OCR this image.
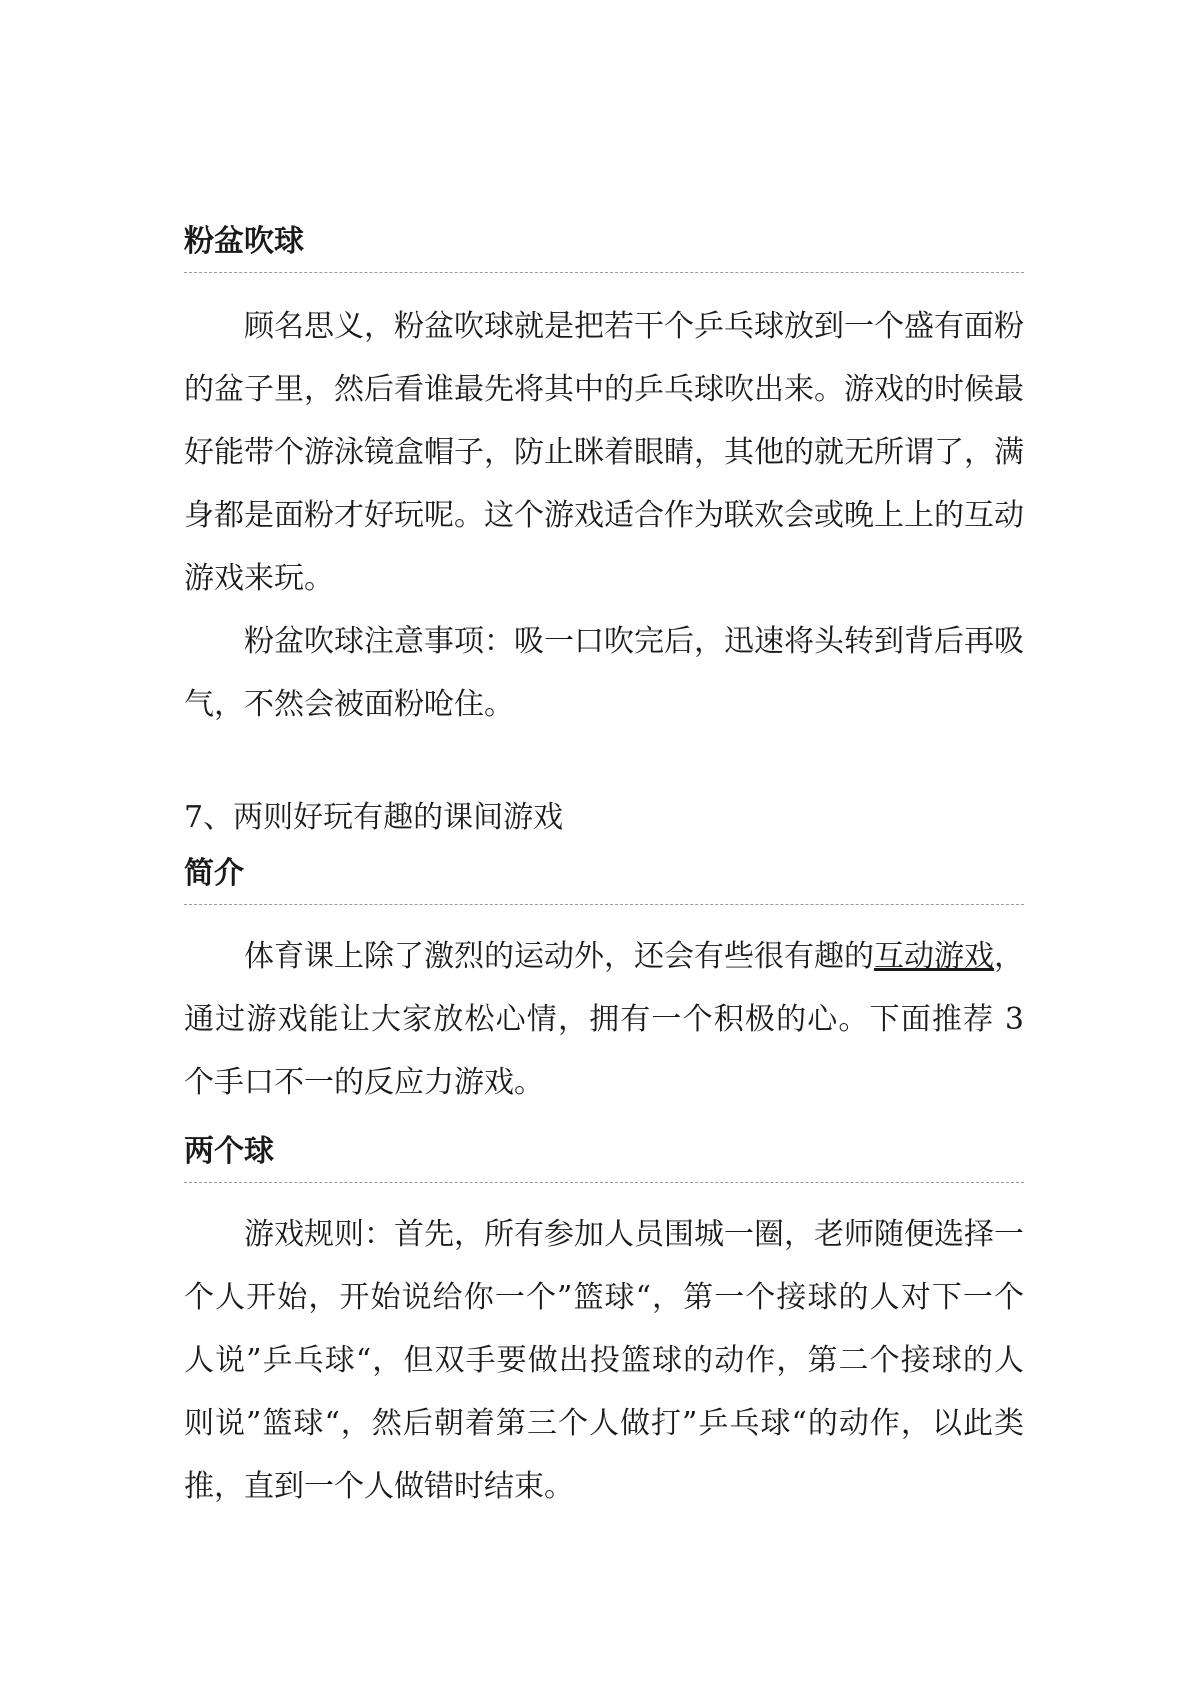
粉盆吹球

顾名思义，粉盆吹球就是把若干个乒乓球放到一个盛有面粉的盆子里，然后看谁最先将其中的乒乓球吹出来。游戏的时候最好能带个游泳镜盒帽子，防止眯着眼睛，其他的就无所谓了，满身都是面粉才好玩呢。这个游戏适合作为联欢会或晚上上的互动游戏来玩。

粉盆吹球注意事项：吸一口吹完后，迅速将头转到背后再吸气，不然会被面粉呛住。

7、两则好玩有趣的课间游戏

简介

体育课上除了激烈的运动外，还会有些很有趣的互动游戏，通过游戏能让大家放松心情，拥有一个积极的心。下面推荐 3 个手口不一的反应力游戏。

两个球

游戏规则：首先，所有参加人员围城一圈，老师随便选择一个人开始，开始说给你一个”篮球“，第一个接球的人对下一个人说”乒乓球“，但双手要做出投篮球的动作，第二个接球的人则说”篮球“，然后朝着第三个人做打”乒乓球“的动作，以此类推，直到一个人做错时结束。
